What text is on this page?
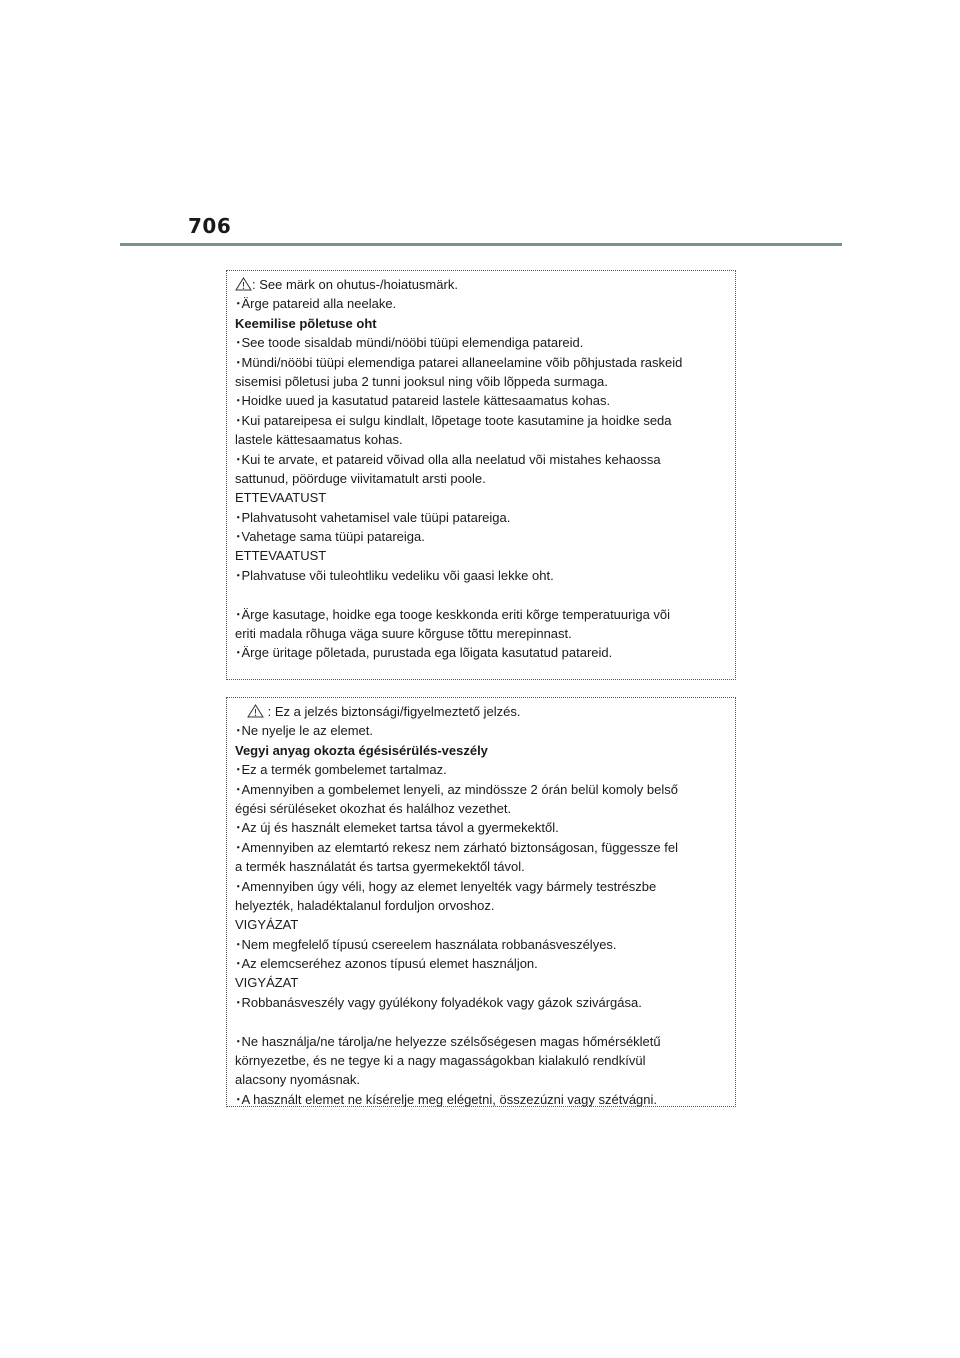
706
: See märk on ohutus-/hoiatusmärk.
･Ärge patareid alla neelake.
Keemilise põletuse oht
･See toode sisaldab mündi/nööbi tüüpi elemendiga patareid.
･Mündi/nööbi tüüpi elemendiga patarei allaneelamine võib põhjustada raskeid
sisemisi põletusi juba 2 tunni jooksul ning võib lõppeda surmaga.
･Hoidke uued ja kasutatud patareid lastele kättesaamatus kohas.
･Kui patareipesa ei sulgu kindlalt, lõpetage toote kasutamine ja hoidke seda
lastele kättesaamatus kohas.
･Kui te arvate, et patareid võivad olla alla neelatud või mistahes kehaossa
sattunud, pöörduge viivitamatult arsti poole.
ETTEVAATUST
･Plahvatusoht vahetamisel vale tüüpi patareiga.
･Vahetage sama tüüpi patareiga.
ETTEVAATUST
･Plahvatuse või tuleohtliku vedeliku või gaasi lekke oht.
･Ärge kasutage, hoidke ega tooge keskkonda eriti kõrge temperatuuriga või
eriti madala rõhuga väga suure kõrguse tõttu merepinnast.
･Ärge üritage põletada, purustada ega lõigata kasutatud patareid.
: Ez a jelzés biztonsági/figyelmeztető jelzés.
･Ne nyelje le az elemet.
Vegyi anyag okozta égésisérülés-veszély
･Ez a termék gombelemet tartalmaz.
･Amennyiben a gombelemet lenyeli, az mindössze 2 órán belül komoly belső
égési sérüléseket okozhat és halálhoz vezethet.
･Az új és használt elemeket tartsa távol a gyermekektől.
･Amennyiben az elemtartó rekesz nem zárható biztonságosan, függessze fel
a termék használatát és tartsa gyermekektől távol.
･Amennyiben úgy véli, hogy az elemet lenyelték vagy bármely testrészbe
helyezték, haladéktalanul forduljon orvoshoz.
VIGYÁZAT
･Nem megfelelő típusú csereelem használata robbanásveszélyes.
･Az elemcseréhez azonos típusú elemet használjon.
VIGYÁZAT
･Robbanásveszély vagy gyúlékony folyadékok vagy gázok szivárgása.
･Ne használja/ne tárolja/ne helyezze szélsőségesen magas hőmérsékletű
környezetbe, és ne tegye ki a nagy magasságokban kialakuló rendkívül
alacsony nyomásnak.
･A használt elemet ne kísérelje meg elégetni, összezúzni vagy szétvágni.
